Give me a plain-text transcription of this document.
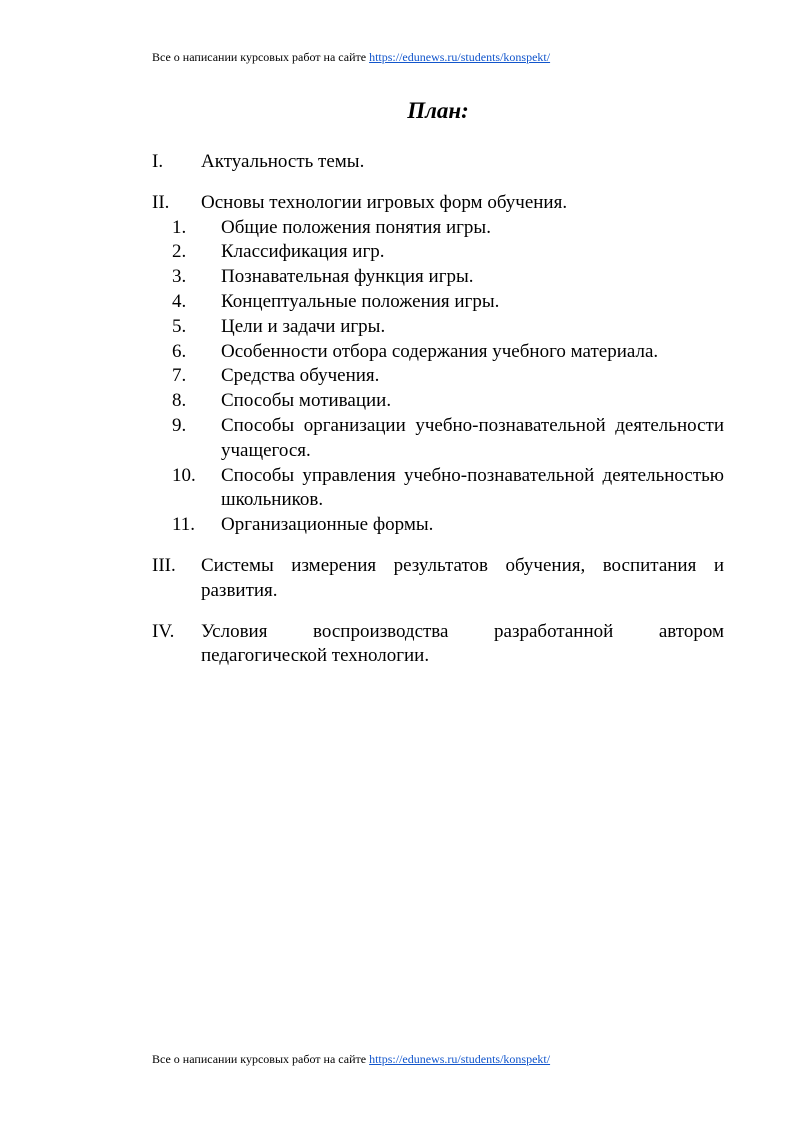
Все о написании курсовых работ на сайте https://edunews.ru/students/konspekt/
План:
I.	Актуальность темы.
II.	Основы технологии игровых форм обучения.
1.	Общие положения понятия игры.
2.	Классификация игр.
3.	Познавательная функция игры.
4.	Концептуальные положения игры.
5.	Цели и задачи игры.
6.	Особенности отбора содержания учебного материала.
7.	Средства обучения.
8.	Способы мотивации.
9.	Способы организации учебно-познавательной деятельности учащегося.
10.	Способы управления учебно-познавательной деятельностью школьников.
11.	Организационные формы.
III.	Системы измерения результатов обучения, воспитания и развития.
IV.	Условия воспроизводства разработанной автором педагогической технологии.
Все о написании курсовых работ на сайте https://edunews.ru/students/konspekt/
